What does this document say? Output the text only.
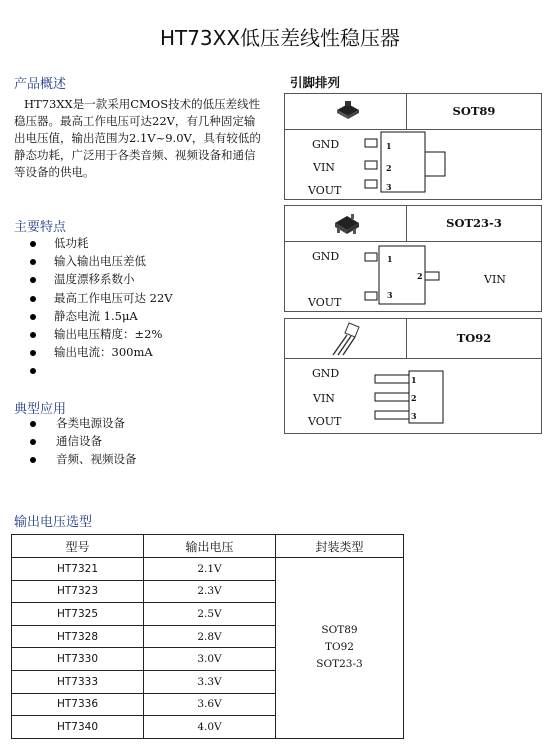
HT73XX低压差线性稳压器
产品概述
HT73XX是一款采用CMOS技术的低压差线性
稳压器。最高工作电压可达22V，有几种固定输
出电压值，输出范围为2.1V~9.0V，具有较低的
静态功耗，广泛用于各类音频、视频设备和通信
等设备的供电。
主要特点
低功耗
输入输出电压差低
温度漂移系数小
最高工作电压可达 22V
静态电流 1.5μA
输出电压精度：±2%
输出电流：300mA
典型应用
各类电源设备
通信设备
音频、视频设备
引脚排列
SOT89
GND
VIN
VOUT
1
2
3
SOT23-3
GND
VIN
VOUT
1
2
3
TO92
GND
VIN
VOUT
1
2
3
输出电压选型
型号	输出电压	封装类型
HT7321	2.1V	SOT89
TO92
SOT23-3

HT7323	2.3V	
HT7325	2.5V	
HT7328	2.8V	
HT7330	3.0V	
HT7333	3.3V	
HT7336	3.6V	
HT7340	4.0V	
